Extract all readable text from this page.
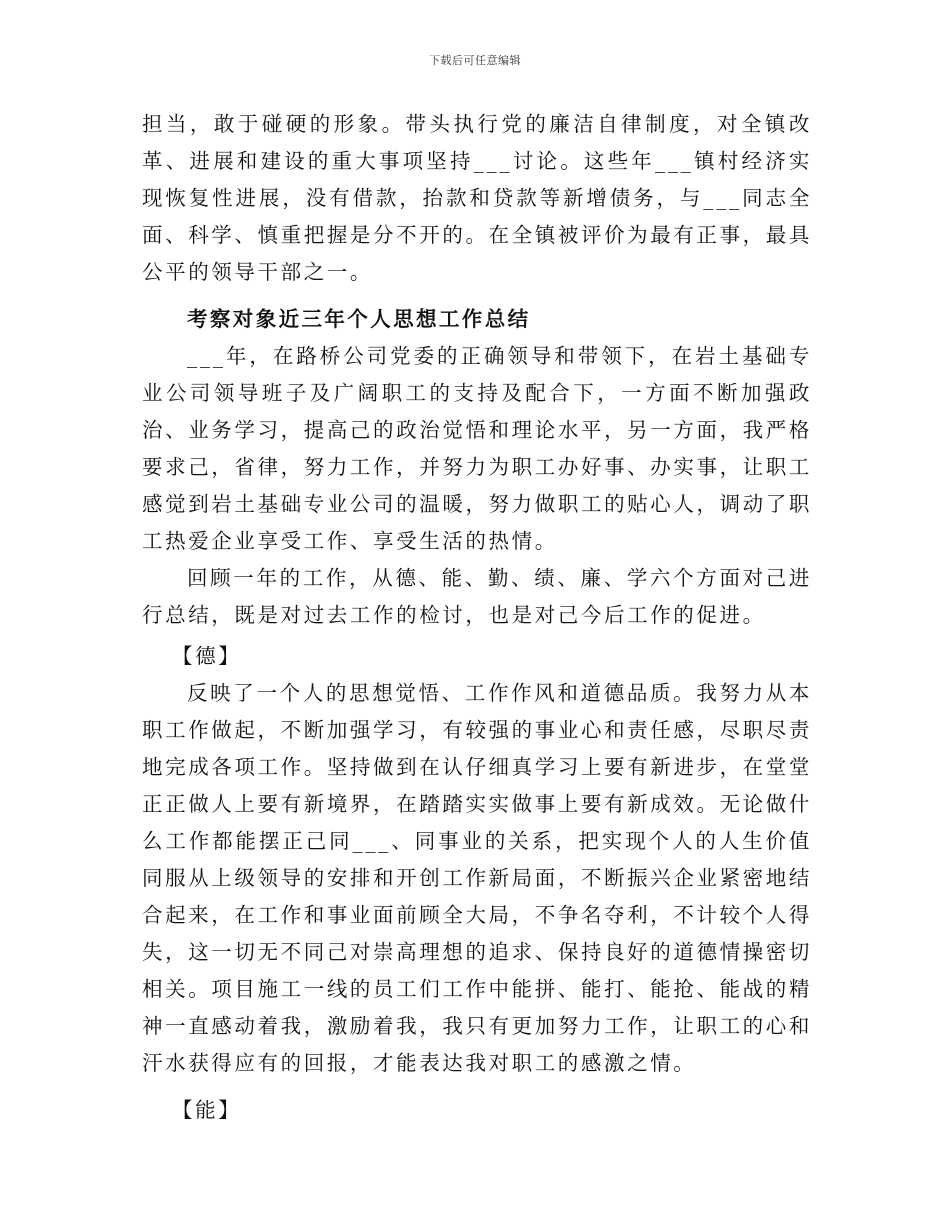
下载后可任意编辑

担当，敢于碰硬的形象。带头执行党的廉洁自律制度，对全镇改革、进展和建设的重大事项坚持___讨论。这些年___镇村经济实现恢复性进展，没有借款，抬款和贷款等新增债务，与___同志全面、科学、慎重把握是分不开的。在全镇被评价为最有正事，最具公平的领导干部之一。

考察对象近三年个人思想工作总结

___年，在路桥公司党委的正确领导和带领下，在岩土基础专业公司领导班子及广阔职工的支持及配合下，一方面不断加强政治、业务学习，提高己的政治觉悟和理论水平，另一方面，我严格要求己，省律，努力工作，并努力为职工办好事、办实事，让职工感觉到岩土基础专业公司的温暖，努力做职工的贴心人，调动了职工热爱企业享受工作、享受生活的热情。

回顾一年的工作，从德、能、勤、绩、廉、学六个方面对己进行总结，既是对过去工作的检讨，也是对己今后工作的促进。

【德】

反映了一个人的思想觉悟、工作作风和道德品质。我努力从本职工作做起，不断加强学习，有较强的事业心和责任感，尽职尽责地完成各项工作。坚持做到在认仔细真学习上要有新进步，在堂堂正正做人上要有新境界，在踏踏实实做事上要有新成效。无论做什么工作都能摆正己同___、同事业的关系，把实现个人的人生价值同服从上级领导的安排和开创工作新局面，不断振兴企业紧密地结合起来，在工作和事业面前顾全大局，不争名夺利，不计较个人得失，这一切无不同己对崇高理想的追求、保持良好的道德情操密切相关。项目施工一线的员工们工作中能拼、能打、能抢、能战的精神一直感动着我，激励着我，我只有更加努力工作，让职工的心和汗水获得应有的回报，才能表达我对职工的感激之情。

【能】
